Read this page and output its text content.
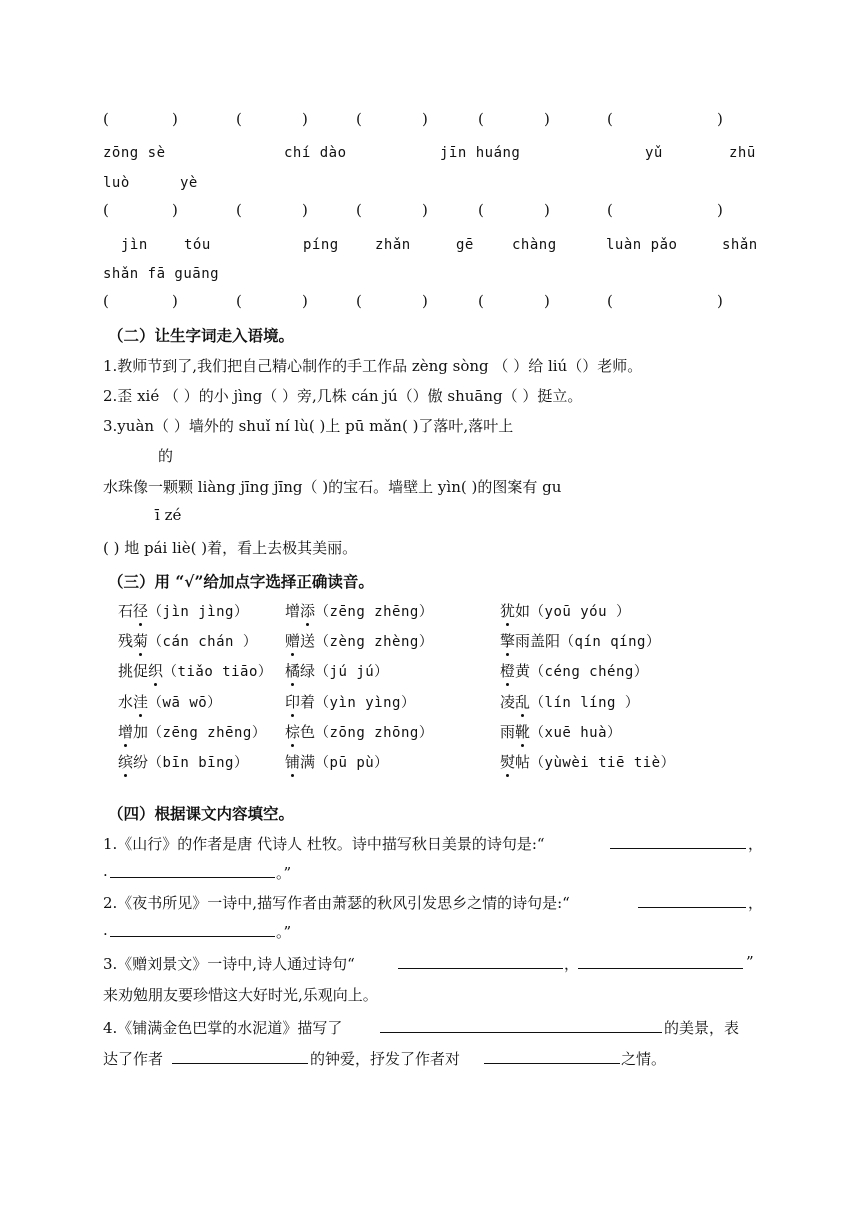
(	)	(	)	(	)	(	)	(	)
zōng sè	chí dào	jīn huáng	yǔ	zhū
luò	yè
(	)	(	)	(	)	(	)	(	)
jìn	tóu	píng	zhǎn	gē	chàng	luàn pǎo	shǎn
shǎn fā guāng
(	)	(	)	(	)	(	)	(	)
（二）让生字词走入语境。
1.教师节到了,我们把自己精心制作的手工作品 zèng sòng （ ）给 liú（）老师。
2.歪 xié （ ）的小 jìng（ ）旁,几株 cán jú（）傲 shuāng（ ）挺立。
3.yuàn（ ）墙外的 shuǐ ní lù( )上 pū mǎn( )了落叶,落叶上
的
水珠像一颗颗 liàng jīng jīng（ )的宝石。墙壁上 yìn( )的图案有 gu
ī zé
( ) 地 pái liè( )着，看上去极其美丽。
（三）用 “√”给加点字选择正确读音。
石径（jìn jìng） 增添（zēng zhēng）	犹如（yoū yóu ）
残菊（cán chán ） 赠送（zèng zhèng）	擎雨盖阳（qín qíng）
挑促织（tiǎo tiāo） 橘绿（jú jú）	橙黄（céng chéng）
水洼（wā wō）	印着（yìn yìng）	凌乱（lín líng ）
增加（zēng zhēng） 棕色（zōng zhōng）	雨靴（xuē huà）
缤纷（bīn bīng） 铺满（pū pù）	熨帖（yùwèi tiē tiè）
（四）根据课文内容填空。
1.《山行》的作者是唐 代诗人 杜牧。诗中描写秋日美景的诗句是:“	，
.	。”
2.《夜书所见》一诗中,描写作者由萧瑟的秋风引发思乡之情的诗句是:“	，
.	。”
3.《赠刘景文》一诗中,诗人通过诗句“	，	”
来劝勉朋友要珍惜这大好时光,乐观向上。
4.《铺满金色巴掌的水泥道》描写了	的美景，表
达了作者	的钟爱，抒发了作者对	之情。
